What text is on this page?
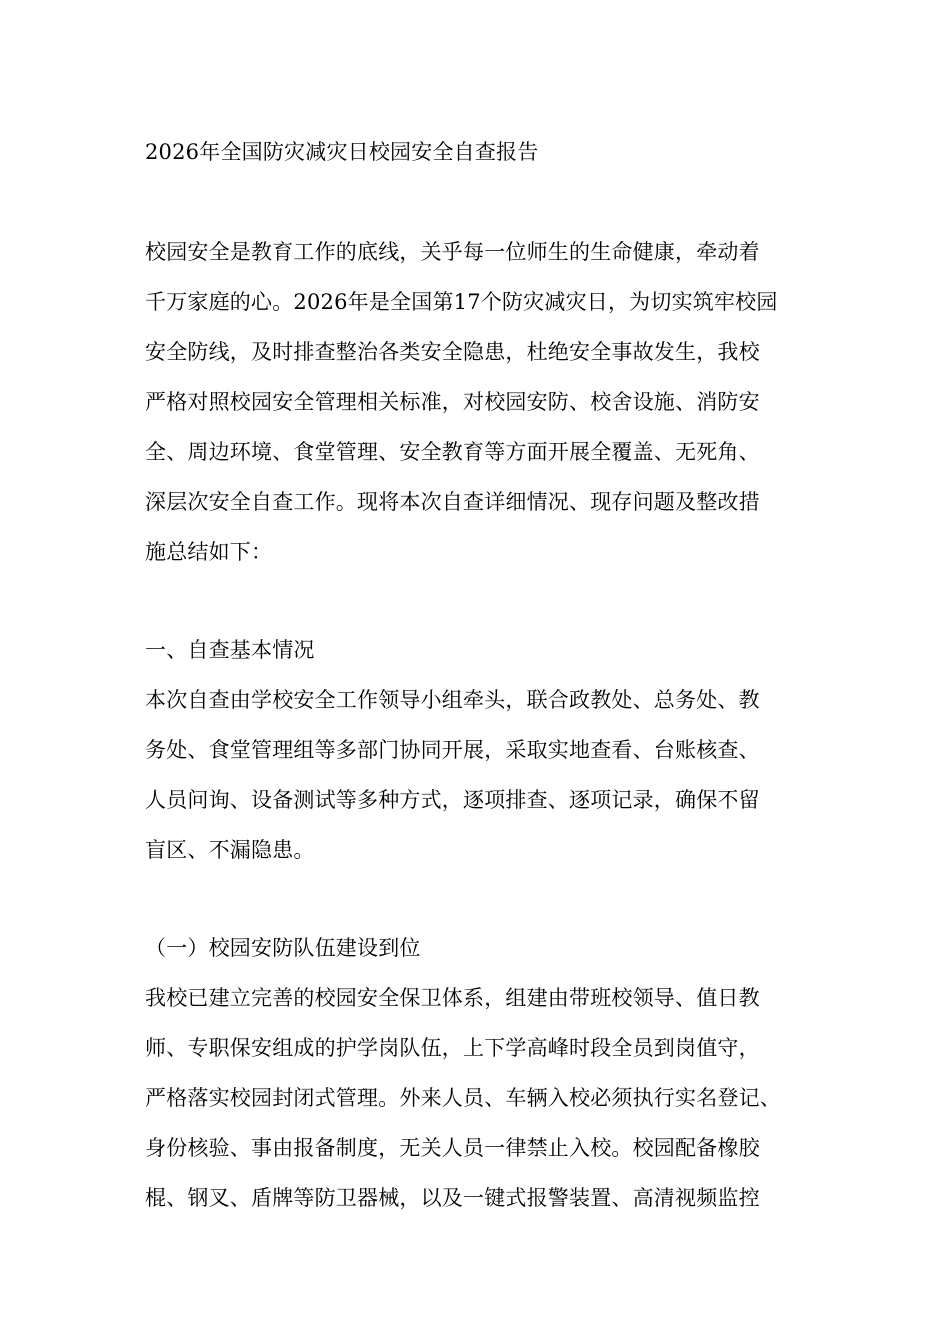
2026年全国防灾减灾日校园安全自查报告
校园安全是教育工作的底线，关乎每一位师生的生命健康，牵动着
千万家庭的心。2026年是全国第17个防灾减灾日，为切实筑牢校园
安全防线，及时排查整治各类安全隐患，杜绝安全事故发生，我校
严格对照校园安全管理相关标准，对校园安防、校舍设施、消防安
全、周边环境、食堂管理、安全教育等方面开展全覆盖、无死角、
深层次安全自查工作。现将本次自查详细情况、现存问题及整改措
施总结如下：
一、自查基本情况
本次自查由学校安全工作领导小组牵头，联合政教处、总务处、教
务处、食堂管理组等多部门协同开展，采取实地查看、台账核查、
人员问询、设备测试等多种方式，逐项排查、逐项记录，确保不留
盲区、不漏隐患。
（一）校园安防队伍建设到位
我校已建立完善的校园安全保卫体系，组建由带班校领导、值日教
师、专职保安组成的护学岗队伍，上下学高峰时段全员到岗值守，
严格落实校园封闭式管理。外来人员、车辆入校必须执行实名登记、
身份核验、事由报备制度，无关人员一律禁止入校。校园配备橡胶
棍、钢叉、盾牌等防卫器械，以及一键式报警装置、高清视频监控
